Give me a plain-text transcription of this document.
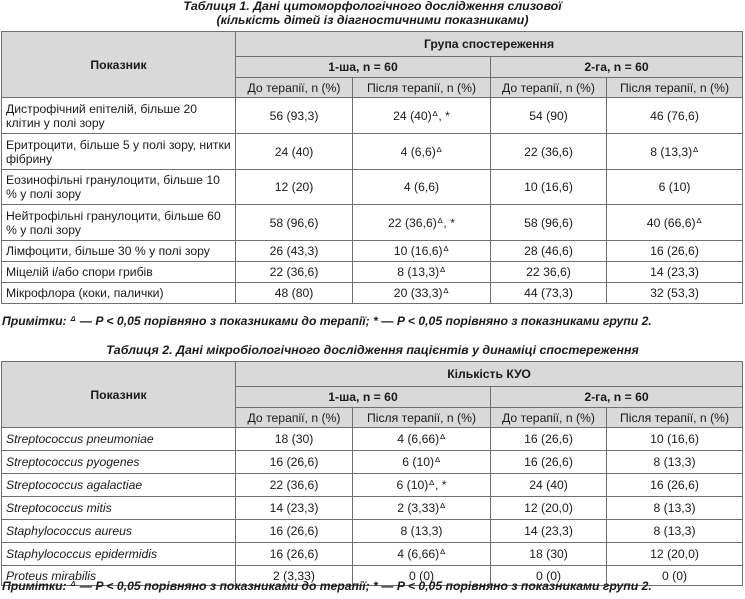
Таблиця 1. Дані цитоморфологічного дослідження слизової
(кількість дітей із діагностичними показниками)
Показник	Група спостереження			
	1-ша, n = 60		2-га, n = 60	
	До терапії, n (%)	Після терапії, n (%)	До терапії, n (%)	Після терапії, n (%)
Дистрофічний епітелій, більше 20 клітин у полі зору	56 (93,3)	24 (40)ᐞ, *	54 (90)	46 (76,6)
Еритроцити, більше 5 у полі зору, нитки фібрину	24 (40)	4 (6,6)ᐞ	22 (36,6)	8 (13,3)ᐞ
Еозинофільні гранулоцити, більше 10 % у полі зору	12 (20)	4 (6,6)	10 (16,6)	6 (10)
Нейтрофільні гранулоцити, більше 60 % у полі зору	58 (96,6)	22 (36,6)ᐞ, *	58 (96,6)	40 (66,6)ᐞ
Лімфоцити, більше 30 % у полі зору	26 (43,3)	10 (16,6)ᐞ	28 (46,6)	16 (26,6)
Міцелій і/або спори грибів	22 (36,6)	8 (13,3)ᐞ	22 36,6)	14 (23,3)
Мікрофлора (коки, палички)	48 (80)	20 (33,3)ᐞ	44 (73,3)	32 (53,3)
Примітки: ᐞ — P < 0,05 порівняно з показниками до терапії; * — P < 0,05 порівняно з показниками групи 2.
Таблиця 2. Дані мікробіологічного дослідження пацієнтів у динаміці спостереження
Показник	Кількість КУО			
	1-ша, n = 60		2-га, n = 60	
	До терапії, n (%)	Після терапії, n (%)	До терапії, n (%)	Після терапії, n (%)
Streptococcus pneumoniae	18 (30)	4 (6,66)ᐞ	16 (26,6)	10 (16,6)
Streptococcus pyogenes	16 (26,6)	6 (10)ᐞ	16 (26,6)	8 (13,3)
Streptococcus agalactiae	22 (36,6)	6 (10)ᐞ, *	24 (40)	16 (26,6)
Streptococcus mitis	14 (23,3)	2 (3,33)ᐞ	12 (20,0)	8 (13,3)
Staphylococcus aureus	16 (26,6)	8 (13,3)	14 (23,3)	8 (13,3)
Staphylococcus epidermidis	16 (26,6)	4 (6,66)ᐞ	18 (30)	12 (20,0)
Proteus mirabilis	2 (3,33)	0 (0)	0 (0)	0 (0)
Примітки: ᐞ — P < 0,05 порівняно з показниками до терапії; * — P < 0,05 порівняно з показниками групи 2.
